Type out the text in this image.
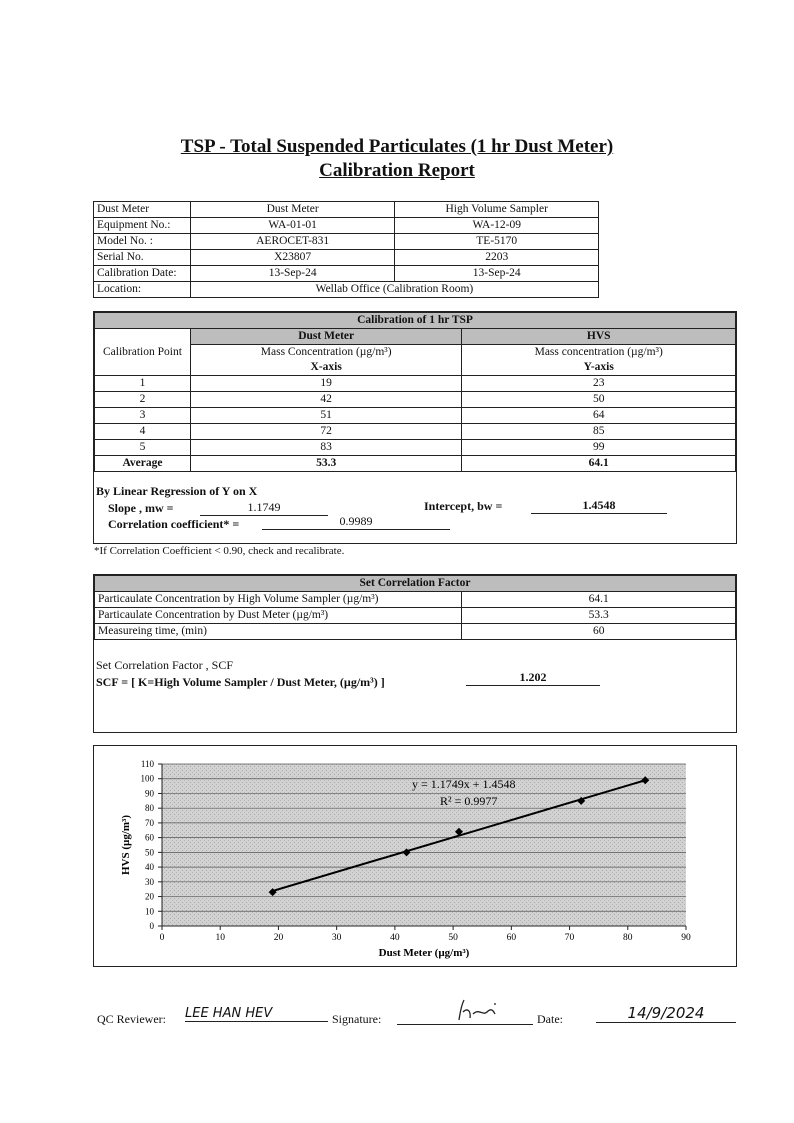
TSP - Total Suspended Particulates (1 hr Dust Meter)
Calibration Report
Dust Meter	Dust Meter	High Volume Sampler
Equipment No.:	WA-01-01	WA-12-09
Model No. :	AEROCET-831	TE-5170
Serial No.	X23807	2203
Calibration Date:	13-Sep-24	13-Sep-24
Location:	Wellab Office (Calibration Room)	
Calibration of 1 hr TSP		
Calibration Point	Dust Meter	HVS
	Mass Concentration (µg/m³)	Mass concentration (µg/m³)
	X-axis	Y-axis
1	19	23
2	42	50
3	51	64
4	72	85
5	83	99
Average	53.3	64.1
By Linear Regression of Y on X
Slope , mw =	1.1749
Correlation coefficient* =	0.9989
Intercept, bw =	1.4548
*If Correlation Coefficient < 0.90, check and recalibrate.
Set Correlation Factor	
Particaulate Concentration by High Volume Sampler (µg/m³)	64.1
Particaulate Concentration by Dust Meter (µg/m³)	53.3
Measureing time, (min)	60
Set Correlation Factor , SCF
SCF = [ K=High Volume Sampler / Dust Meter, (µg/m³) ]	1.202
0
10
20
30
40
50
60
70
80
90
100
110
0	10	20	30	40	50	60	70	80	90
y = 1.1749x + 1.4548
R² = 0.9977
Dust Meter (µg/m³)
HVS (µg/m³)
QC Reviewer: LEE HAN HEV	Signature:	Date:	14/9/2024
